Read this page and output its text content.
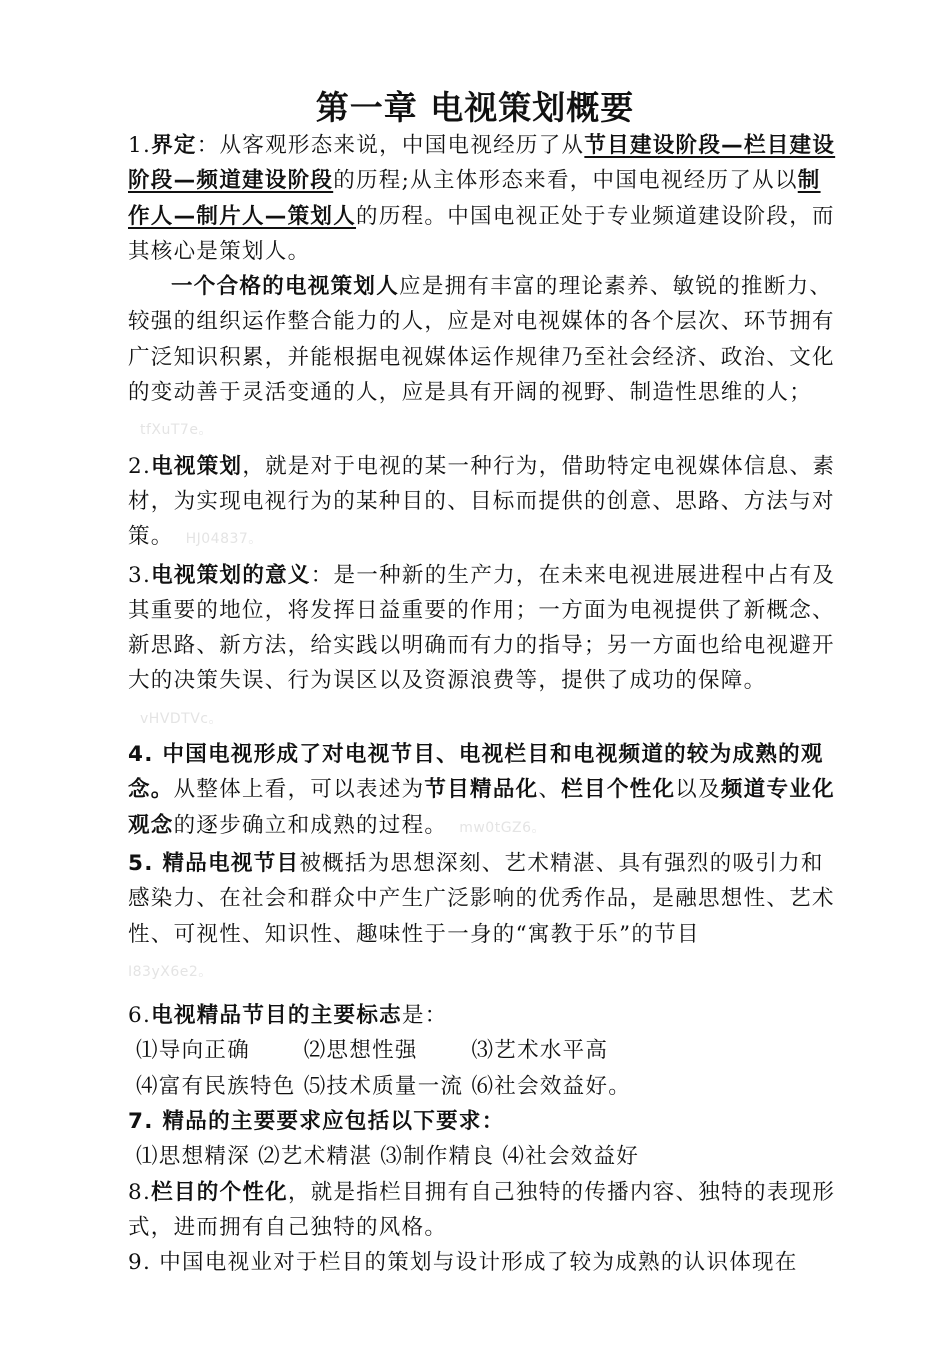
第一章 电视策划概要

1.界定：从客观形态来说，中国电视经历了从节目建设阶段—栏目建设阶段—频道建设阶段的历程;从主体形态来看，中国电视经历了从以制作人—制片人—策划人的历程。中国电视正处于专业频道建设阶段，而其核心是策划人。

一个合格的电视策划人应是拥有丰富的理论素养、敏锐的推断力、较强的组织运作整合能力的人，应是对电视媒体的各个层次、环节拥有广泛知识积累，并能根据电视媒体运作规律乃至社会经济、政治、文化的变动善于灵活变通的人，应是具有开阔的视野、制造性思维的人；tfXuT7e。

2.电视策划，就是对于电视的某一种行为，借助特定电视媒体信息、素材，为实现电视行为的某种目的、目标而提供的创意、思路、方法与对策。 HJ04837。

3.电视策划的意义：是一种新的生产力，在未来电视进展进程中占有及其重要的地位，将发挥日益重要的作用；一方面为电视提供了新概念、新思路、新方法，给实践以明确而有力的指导；另一方面也给电视避开大的决策失误、行为误区以及资源浪费等，提供了成功的保障。vHVDTVc。

4. 中国电视形成了对电视节目、电视栏目和电视频道的较为成熟的观念。从整体上看，可以表述为节目精品化、栏目个性化以及频道专业化观念的逐步确立和成熟的过程。 mw0tGZ6。

5. 精品电视节目被概括为思想深刻、艺术精湛、具有强烈的吸引力和感染力、在社会和群众中产生广泛影响的优秀作品，是融思想性、艺术性、可视性、知识性、趣味性于一身的“寓教于乐”的节目
I83yX6e2。

6.电视精品节目的主要标志是：

⑴导向正确　　 ⑵思想性强　　 ⑶艺术水平高

⑷富有民族特色 ⑸技术质量一流 ⑹社会效益好。

7. 精品的主要要求应包括以下要求：

⑴思想精深 ⑵艺术精湛 ⑶制作精良 ⑷社会效益好

8.栏目的个性化，就是指栏目拥有自己独特的传播内容、独特的表现形式，进而拥有自己独特的风格。

9. 中国电视业对于栏目的策划与设计形成了较为成熟的认识体现在
